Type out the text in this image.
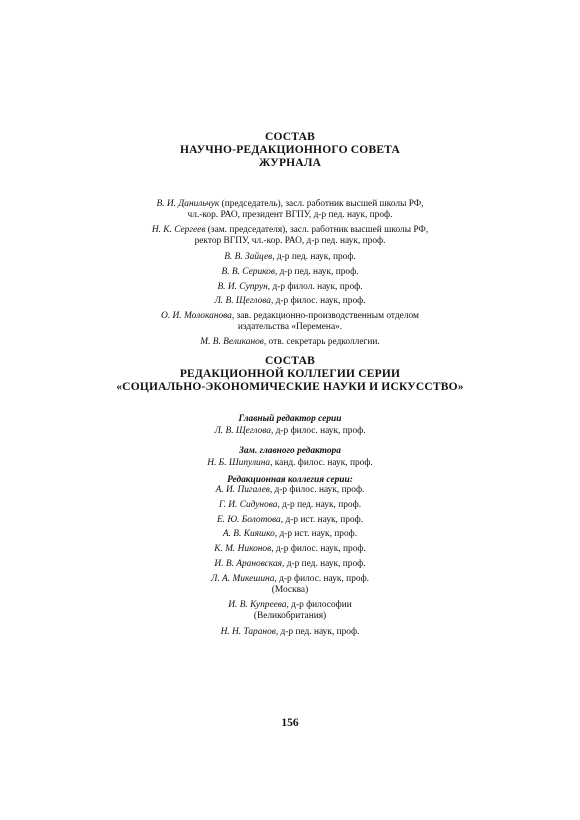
СОСТАВ
НАУЧНО-РЕДАКЦИОННОГО СОВЕТА
ЖУРНАЛА
В. И. Данильчук (председатель), засл. работник высшей школы РФ,
чл.-кор. РАО, президент ВГПУ, д-р пед. наук, проф.
Н. К. Сергеев (зам. председателя), засл. работник высшей школы РФ,
ректор ВГПУ, чл.-кор. РАО, д-р пед. наук, проф.
В. В. Зайцев, д-р пед. наук, проф.
В. В. Сериков, д-р пед. наук, проф.
В. И. Супрун, д-р филол. наук, проф.
Л. В. Щеглова, д-р филос. наук, проф.
О. И. Молоканова, зав. редакционно-производственным отделом
издательства «Перемена».
М. В. Великанов, отв. секретарь редколлегии.
СОСТАВ
РЕДАКЦИОННОЙ КОЛЛЕГИИ СЕРИИ
«СОЦИАЛЬНО-ЭКОНОМИЧЕСКИЕ НАУКИ И ИСКУССТВО»
Главный редактор серии
Л. В. Щеглова, д-р филос. наук, проф.
Зам. главного редактора
Н. Б. Шипулина, канд. филос. наук, проф.
Редакционная коллегия серии:
А. И. Пигалев, д-р филос. наук, проф.
Г. И. Сидунова, д-р пед. наук, проф.
Е. Ю. Болотова, д-р ист. наук, проф.
А. В. Кияшко, д-р ист. наук, проф.
К. М. Никонов, д-р филос. наук, проф.
И. В. Арановская, д-р пед. наук, проф.
Л. А. Микешина, д-р филос. наук, проф.
(Москва)
И. В. Купреева, д-р философии
(Великобритания)
Н. Н. Таранов, д-р пед. наук, проф.
156
